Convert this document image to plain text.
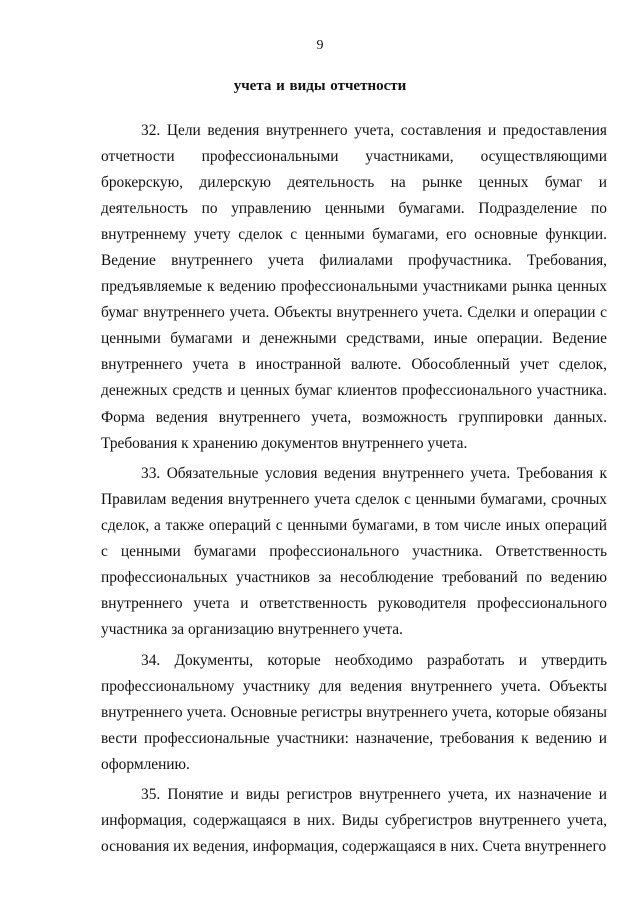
9
учета и виды отчетности

32. Цели ведения внутреннего учета, составления и предоставления отчетности профессиональными участниками, осуществляющими брокерскую, дилерскую деятельность на рынке ценных бумаг и деятельность по управлению ценными бумагами. Подразделение по внутреннему учету сделок с ценными бумагами, его основные функции. Ведение внутреннего учета филиалами профучастника. Требования, предъявляемые к ведению профессиональными участниками рынка ценных бумаг внутреннего учета. Объекты внутреннего учета. Сделки и операции с ценными бумагами и денежными средствами, иные операции. Ведение внутреннего учета в иностранной валюте. Обособленный учет сделок, денежных средств и ценных бумаг клиентов профессионального участника. Форма ведения внутреннего учета, возможность группировки данных. Требования к хранению документов внутреннего учета.

33. Обязательные условия ведения внутреннего учета. Требования к Правилам ведения внутреннего учета сделок с ценными бумагами, срочных сделок, а также операций с ценными бумагами, в том числе иных операций с ценными бумагами профессионального участника. Ответственность профессиональных участников за несоблюдение требований по ведению внутреннего учета и ответственность руководителя профессионального участника за организацию внутреннего учета.

34. Документы, которые необходимо разработать и утвердить профессиональному участнику для ведения внутреннего учета. Объекты внутреннего учета. Основные регистры внутреннего учета, которые обязаны вести профессиональные участники: назначение, требования к ведению и оформлению.

35. Понятие и виды регистров внутреннего учета, их назначение и информация, содержащаяся в них. Виды субрегистров внутреннего учета, основания их ведения, информация, содержащаяся в них. Счета внутреннего
